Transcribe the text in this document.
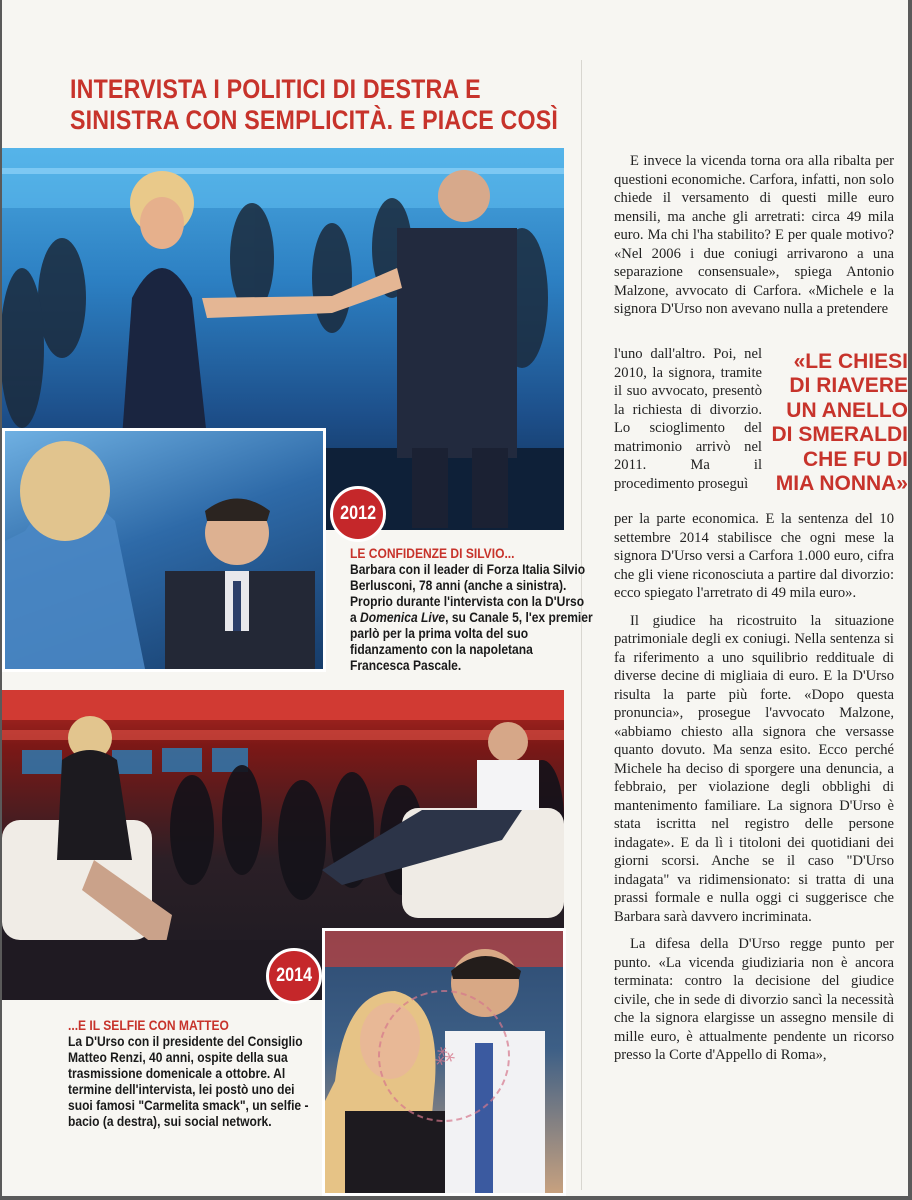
INTERVISTA I POLITICI DI DESTRA E
SINISTRA CON SEMPLICITÀ. E PIACE COSÌ
2012
LE CONFIDENZE DI SILVIO...
Barbara con il leader di Forza Italia Silvio Berlusconi, 78 anni (anche a sinistra). Proprio durante l'intervista con la D'Urso a Domenica Live, su Canale 5, l'ex premier parlò per la prima volta del suo fidanzamento con la napoletana Francesca Pascale.
2014
...E IL SELFIE CON MATTEO
La D'Urso con il presidente del Consiglio Matteo Renzi, 40 anni, ospite della sua trasmissione domenicale a ottobre. Al termine dell'intervista, lei postò uno dei suoi famosi "Carmelita smack", un selfie - bacio (a destra), sui social network.
⁂

E invece la vicenda torna ora alla ribalta per questioni economiche. Carfora, infatti, non solo chiede il versamento di questi mille euro mensili, ma anche gli arretrati: circa 49 mila euro. Ma chi l'ha stabilito? E per quale motivo? «Nel 2006 i due coniugi arrivarono a una separazione consensuale», spiega Antonio Malzone, avvocato di Carfora. «Michele e la signora D'Urso non avevano nulla a pretendere

l'uno dall'altro. Poi, nel 2010, la signora, tramite il suo avvocato, presentò la richiesta di divorzio. Lo scioglimento del matrimonio arrivò nel 2011. Ma il procedimento proseguì

«LE CHIESI
DI RIAVERE
UN ANELLO
DI SMERALDI
CHE FU DI
MIA NONNA»

per la parte economica. E la sentenza del 10 settembre 2014 stabilisce che ogni mese la signora D'Urso versi a Carfora 1.000 euro, cifra che gli viene riconosciuta a partire dal divorzio: ecco spiegato l'arretrato di 49 mila euro».

Il giudice ha ricostruito la situazione patrimoniale degli ex coniugi. Nella sentenza si fa riferimento a uno squilibrio reddituale di diverse decine di migliaia di euro. E la D'Urso risulta la parte più forte. «Dopo questa pronuncia», prosegue l'avvocato Malzone, «abbiamo chiesto alla signora che versasse quanto dovuto. Ma senza esito. Ecco perché Michele ha deciso di sporgere una denuncia, a febbraio, per violazione degli obblighi di mantenimento familiare. La signora D'Urso è stata iscritta nel registro delle persone indagate». E da lì i titoloni dei quotidiani dei giorni scorsi. Anche se il caso "D'Urso indagata" va ridimensionato: si tratta di una prassi formale e nulla oggi ci suggerisce che Barbara sarà davvero incriminata.

La difesa della D'Urso regge punto per punto. «La vicenda giudiziaria non è ancora terminata: contro la decisione del giudice civile, che in sede di divorzio sancì la necessità che la signora elargisse un assegno mensile di mille euro, è attualmente pendente un ricorso presso la Corte d'Appello di Roma»,
